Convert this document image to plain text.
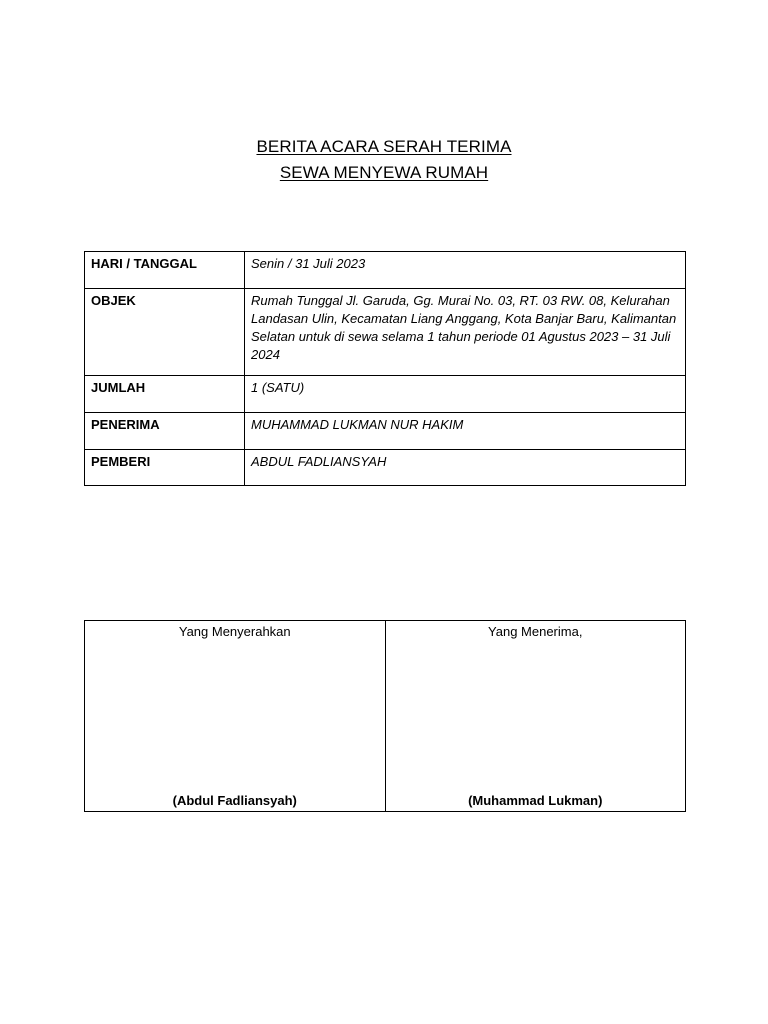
BERITA ACARA SERAH TERIMA
SEWA MENYEWA RUMAH
HARI / TANGGAL	Senin / 31 Juli 2023
OBJEK	Rumah Tunggal Jl. Garuda, Gg. Murai No. 03, RT. 03 RW. 08, Kelurahan Landasan Ulin, Kecamatan Liang Anggang, Kota Banjar Baru, Kalimantan Selatan untuk di sewa selama 1 tahun periode 01 Agustus 2023 – 31 Juli 2024
JUMLAH	1 (SATU)
PENERIMA	MUHAMMAD LUKMAN NUR HAKIM
PEMBERI	ABDUL FADLIANSYAH
Yang Menyerahkan
(Abdul Fadliansyah)

Yang Menerima,
(Muhammad Lukman)
